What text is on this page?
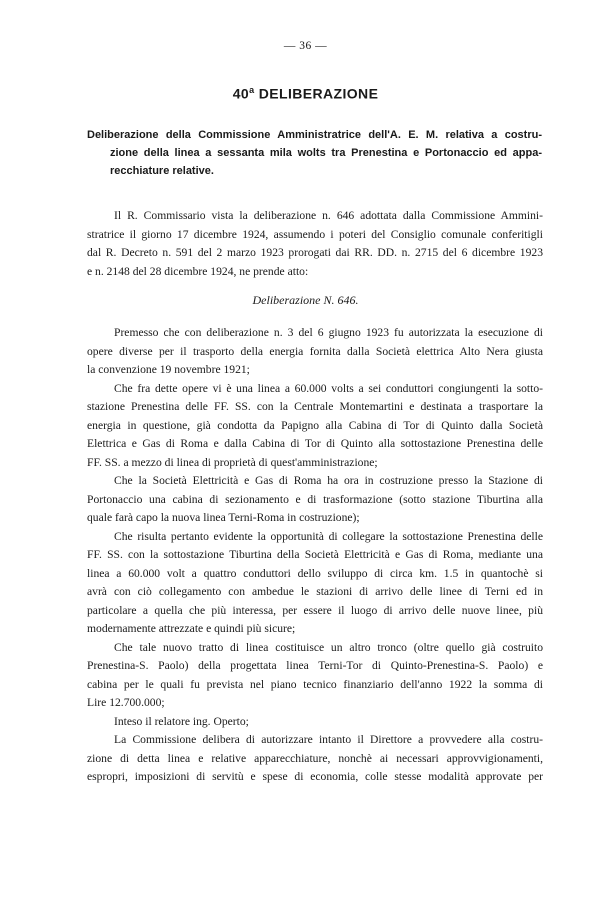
— 36 —
40$^a$ DELIBERAZIONE
Deliberazione della Commissione Amministratrice dell'A. E. M. relativa a costru-
zione della linea a sessanta mila wolts tra Prenestina e Portonaccio ed appa-
recchiature relative.
Il R. Commissario vista la deliberazione n. 646 adottata dalla Commissione Ammini-
stratrice il giorno 17 dicembre 1924, assumendo i poteri del Consiglio comunale conferitigli
dal R. Decreto n. 591 del 2 marzo 1923 prorogati dai RR. DD. n. 2715 del 6 dicembre 1923
e n. 2148 del 28 dicembre 1924, ne prende atto:
Deliberazione N. 646.
Premesso che con deliberazione n. 3 del 6 giugno 1923 fu autorizzata la esecuzione di
opere diverse per il trasporto della energia fornita dalla Società elettrica Alto Nera giusta
la convenzione 19 novembre 1921;
Che fra dette opere vi è una linea a 60.000 volts a sei conduttori congiungenti la sotto-
stazione Prenestina delle FF. SS. con la Centrale Montemartini e destinata a trasportare la
energia in questione, già condotta da Papigno alla Cabina di Tor di Quinto dalla Società
Elettrica e Gas di Roma e dalla Cabina di Tor di Quinto alla sottostazione Prenestina delle
FF. SS. a mezzo di linea di proprietà di quest'amministrazione;
Che la Società Elettricità e Gas di Roma ha ora in costruzione presso la Stazione di
Portonaccio una cabina di sezionamento e di trasformazione (sotto stazione Tiburtina alla
quale farà capo la nuova linea Terni-Roma in costruzione);
Che risulta pertanto evidente la opportunità di collegare la sottostazione Prenestina delle
FF. SS. con la sottostazione Tiburtina della Società Elettricità e Gas di Roma, mediante una
linea a 60.000 volt a quattro conduttori dello sviluppo di circa km. 1.5 in quantochè si
avrà con ciò collegamento con ambedue le stazioni di arrivo delle linee di Terni ed in
particolare a quella che più interessa, per essere il luogo di arrivo delle nuove linee, più
modernamente attrezzate e quindi più sicure;
Che tale nuovo tratto di linea costituisce un altro tronco (oltre quello già costruito
Prenestina-S. Paolo) della progettata linea Terni-Tor di Quinto-Prenestina-S. Paolo) e
cabina per le quali fu prevista nel piano tecnico finanziario dell'anno 1922 la somma di
Lire 12.700.000;
Inteso il relatore ing. Operto;
La Commissione delibera di autorizzare intanto il Direttore a provvedere alla costru-
zione di detta linea e relative apparecchiature, nonchè ai necessari approvvigionamenti,
espropri, imposizioni di servitù e spese di economia, colle stesse modalità approvate per
